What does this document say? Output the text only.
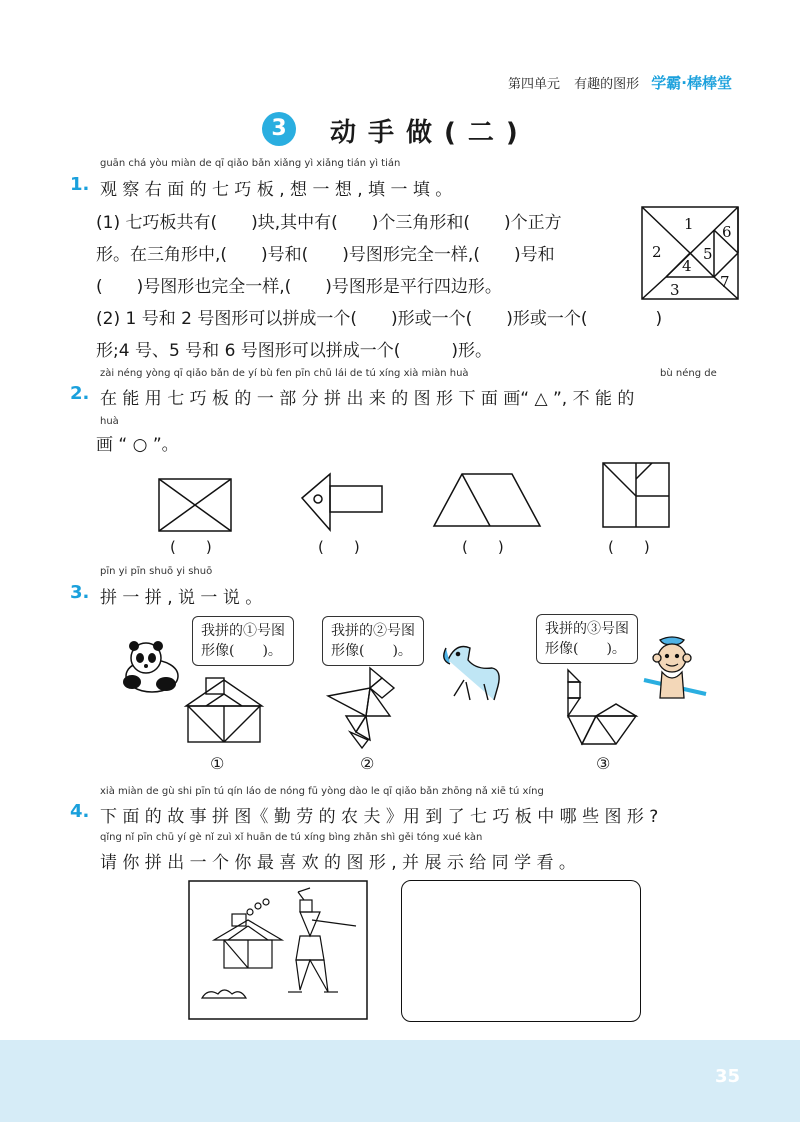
第四单元 有趣的图形 学霸·棒棒堂
3	动手做(二)
guān chá yòu miàn de qī qiǎo bǎn xiǎng yì xiǎng tián yì tián
1. 观 察 右 面 的 七 巧 板 , 想 一 想 , 填 一 填 。
(1) 七巧板共有(　　)块,其中有(　　)个三角形和(　　)个正方
形。在三角形中,(　　)号和(　　)号图形完全一样,(　　)号和
(　　)号图形也完全一样,(　　)号图形是平行四边形。
(2) 1 号和 2 号图形可以拼成一个(　　)形或一个(　　)形或一个(　　　　)
形;4 号、5 号和 6 号图形可以拼成一个(　　　)形。
1
2
3
4
5
6
7
zài néng yòng qī qiǎo bǎn de yí bù fen pīn chū lái de tú xíng xià miàn huà	bù néng de
2. 在 能 用 七 巧 板 的 一 部 分 拼 出 来 的 图 形 下 面 画“ △ ”, 不 能 的
huà
画 “ ○ ”。
(　　)	(　　)	(　　)	(　　)
pīn yi pīn shuō yi shuō
3. 拼 一 拼 , 说 一 说 。
我拼的①号图
形像(　　)。
我拼的②号图
形像(　　)。
我拼的③号图
形像(　　)。
①	②	③
xià miàn de gù shi pīn tú qín láo de nóng fū yòng dào le qī qiǎo bǎn zhōng nǎ xiē tú xíng
4. 下 面 的 故 事 拼 图《 勤 劳 的 农 夫 》用 到 了 七 巧 板 中 哪 些 图 形 ?
qǐng nǐ pīn chū yí gè nǐ zuì xǐ huān de tú xíng bìng zhǎn shì gěi tóng xué kàn
请 你 拼 出 一 个 你 最 喜 欢 的 图 形 , 并 展 示 给 同 学 看 。
35
